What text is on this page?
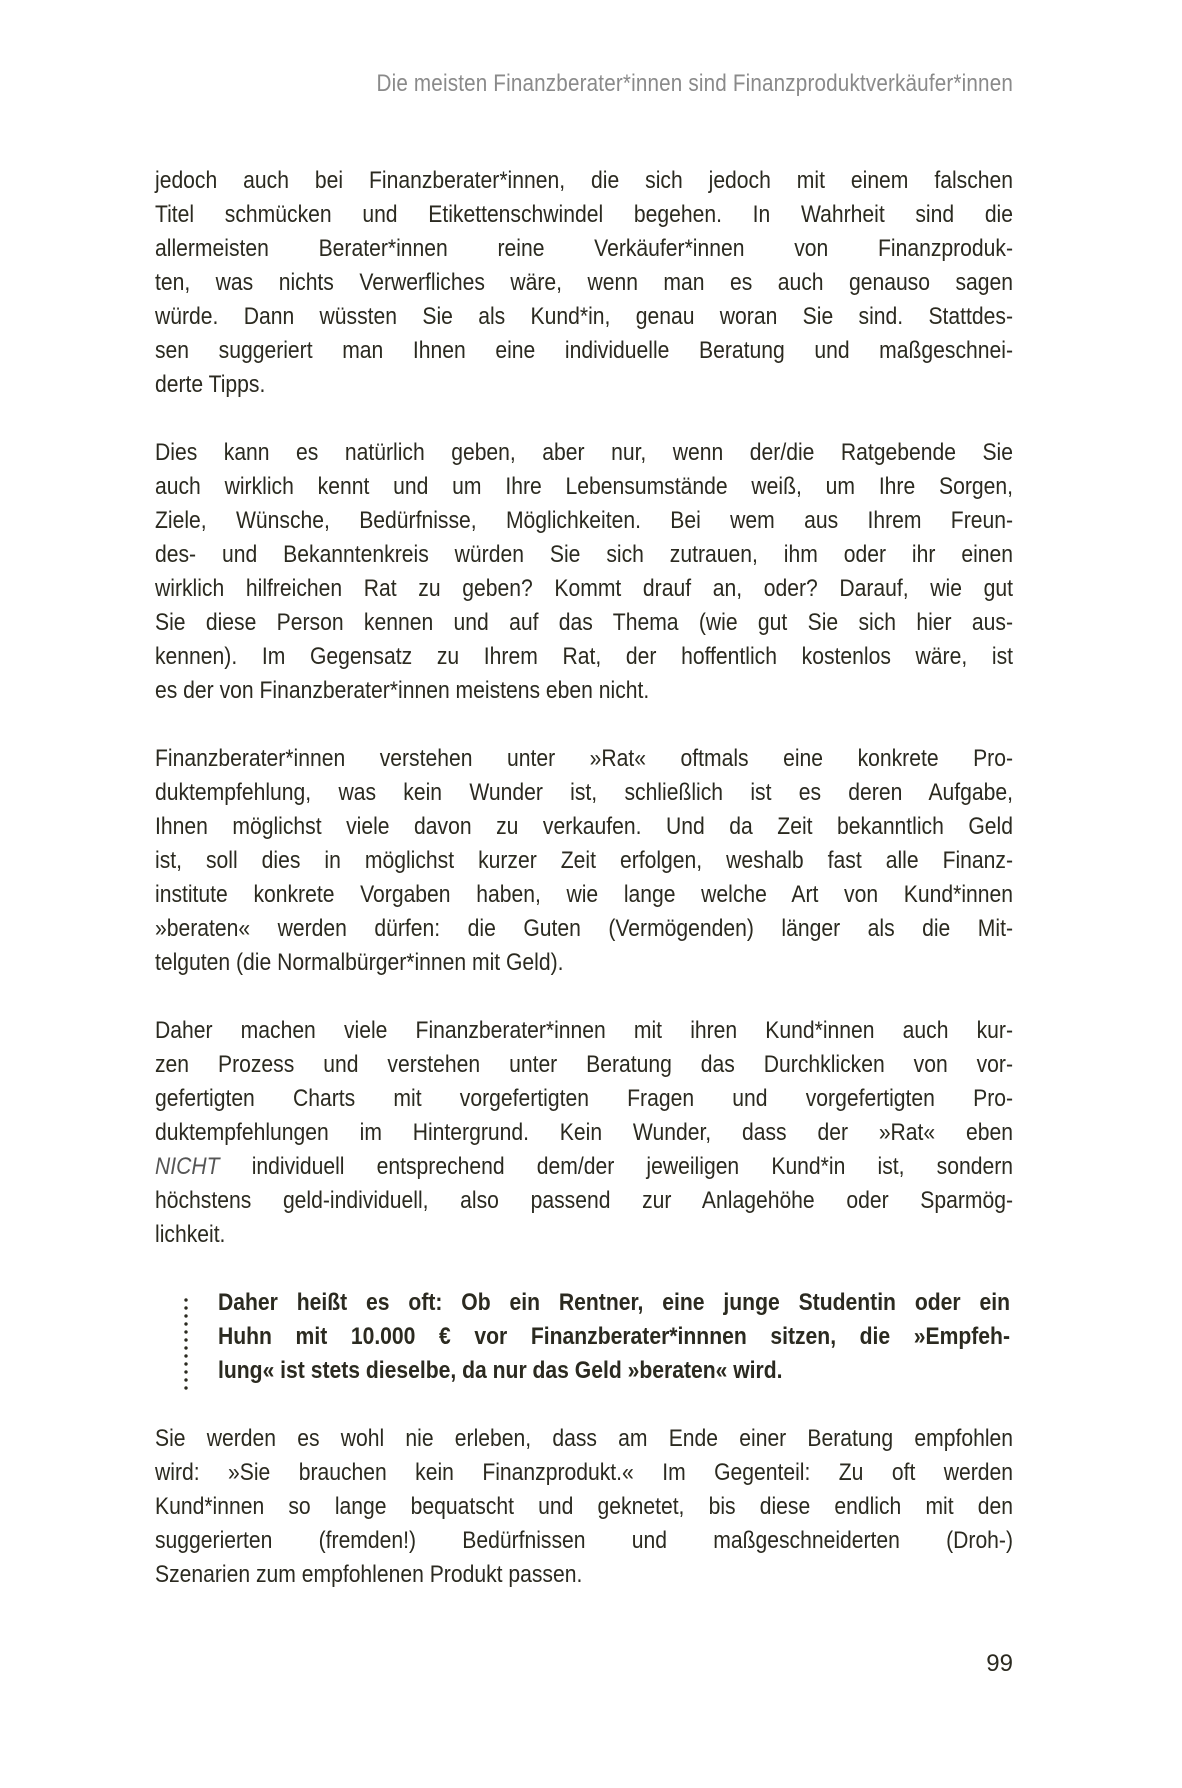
Die meisten Finanzberater*innen sind Finanzproduktverkäufer*innen
jedoch auch bei Finanzberater*innen, die sich jedoch mit einem falschen
Titel schmücken und Etikettenschwindel begehen. In Wahrheit sind die
allermeisten Berater*innen reine Verkäufer*innen von Finanzproduk-
ten, was nichts Verwerfliches wäre, wenn man es auch genauso sagen
würde. Dann wüssten Sie als Kund*in, genau woran Sie sind. Stattdes-
sen suggeriert man Ihnen eine individuelle Beratung und maßgeschnei-
derte Tipps.
Dies kann es natürlich geben, aber nur, wenn der/die Ratgebende Sie
auch wirklich kennt und um Ihre Lebensumstände weiß, um Ihre Sorgen,
Ziele, Wünsche, Bedürfnisse, Möglichkeiten. Bei wem aus Ihrem Freun-
des- und Bekanntenkreis würden Sie sich zutrauen, ihm oder ihr einen
wirklich hilfreichen Rat zu geben? Kommt drauf an, oder? Darauf, wie gut
Sie diese Person kennen und auf das Thema (wie gut Sie sich hier aus-
kennen). Im Gegensatz zu Ihrem Rat, der hoffentlich kostenlos wäre, ist
es der von Finanzberater*innen meistens eben nicht.
Finanzberater*innen verstehen unter »Rat« oftmals eine konkrete Pro-
duktempfehlung, was kein Wunder ist, schließlich ist es deren Aufgabe,
Ihnen möglichst viele davon zu verkaufen. Und da Zeit bekanntlich Geld
ist, soll dies in möglichst kurzer Zeit erfolgen, weshalb fast alle Finanz-
institute konkrete Vorgaben haben, wie lange welche Art von Kund*innen
»beraten« werden dürfen: die Guten (Vermögenden) länger als die Mit-
telguten (die Normalbürger*innen mit Geld).
Daher machen viele Finanzberater*innen mit ihren Kund*innen auch kur-
zen Prozess und verstehen unter Beratung das Durchklicken von vor-
gefertigten Charts mit vorgefertigten Fragen und vorgefertigten Pro-
duktempfehlungen im Hintergrund. Kein Wunder, dass der »Rat« eben
NICHT individuell entsprechend dem/der jeweiligen Kund*in ist, sondern
höchstens geld-individuell, also passend zur Anlagehöhe oder Sparmög-
lichkeit.
Daher heißt es oft: Ob ein Rentner, eine junge Studentin oder ein
Huhn mit 10.000 € vor Finanzberater*innnen sitzen, die »Empfeh-
lung« ist stets dieselbe, da nur das Geld »beraten« wird.
Sie werden es wohl nie erleben, dass am Ende einer Beratung empfohlen
wird: »Sie brauchen kein Finanzprodukt.« Im Gegenteil: Zu oft werden
Kund*innen so lange bequatscht und geknetet, bis diese endlich mit den
suggerierten (fremden!) Bedürfnissen und maßgeschneiderten (Droh-)
Szenarien zum empfohlenen Produkt passen.
99
